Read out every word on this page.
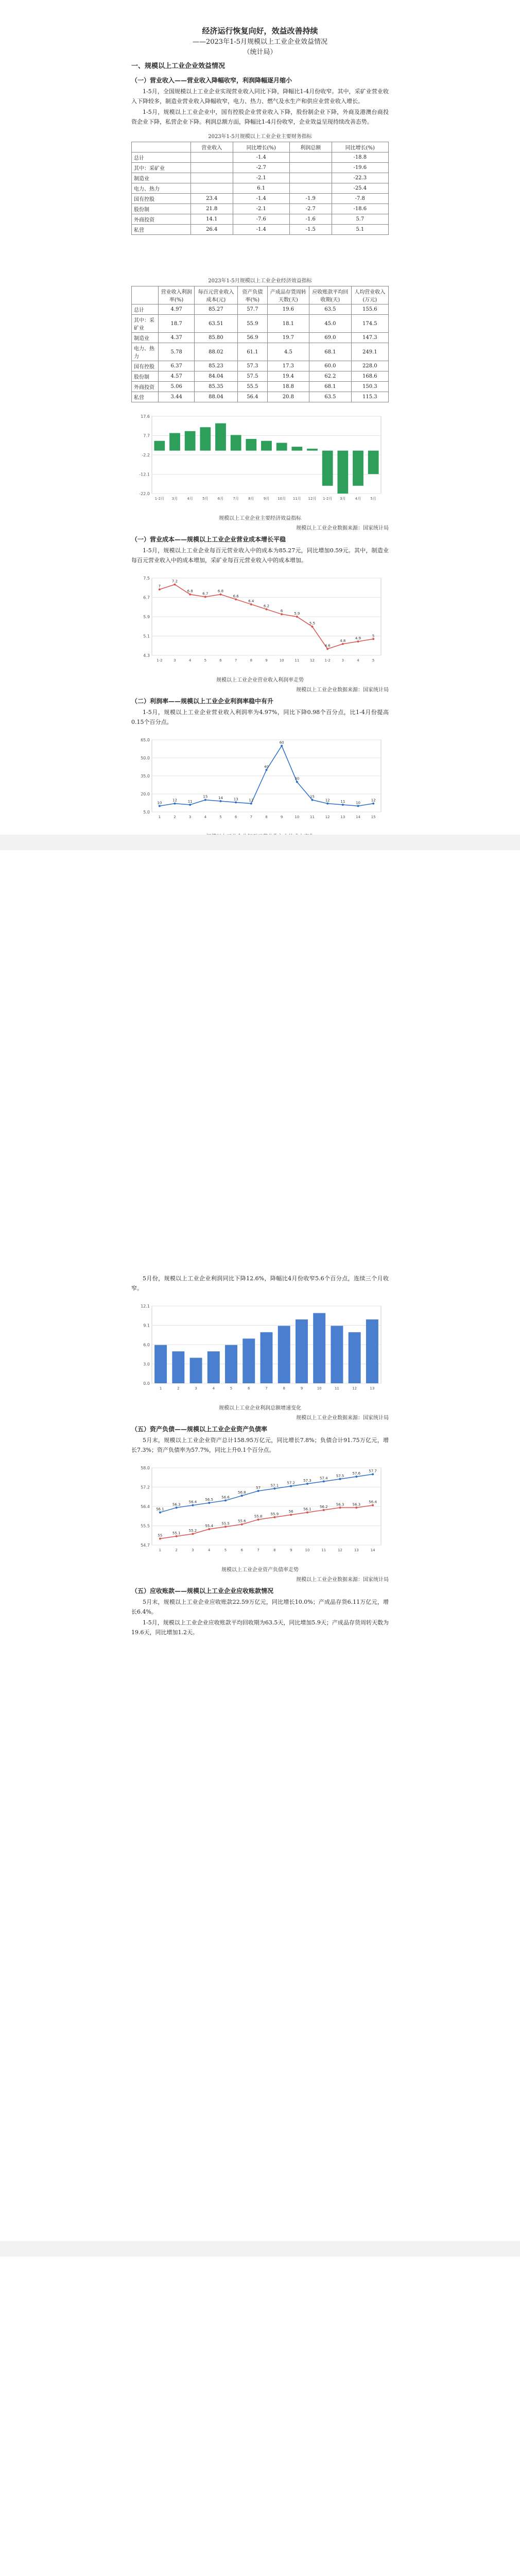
经济运行恢复向好，效益改善持续

——2023年1-5月规模以上工业企业效益情况

（统计局）

一、规模以上工业企业效益情况
（一）营业收入——营业收入降幅收窄，利润降幅逐月缩小

1-5月，全国规模以上工业企业实现营业收入同比下降，降幅比1-4月份收窄。其中，采矿业营业收入下降较多，制造业营业收入降幅收窄，电力、热力、燃气及水生产和供应业营业收入增长。

1-5月，规模以上工业企业中，国有控股企业营业收入下降，股份制企业下降，外商及港澳台商投资企业下降，私营企业下降。利润总额方面，降幅比1-4月份收窄，企业效益呈现持续改善态势。

2023年1-5月规模以上工业企业主要财务指标
	营业收入	同比增长(%)	利润总额	同比增长(%)
总计		-1.4		-18.8
其中：采矿业		-2.7		-19.6
制造业		-2.1		-22.3
电力、热力		6.1		-25.4
国有控股	23.4	-1.4	-1.9	-7.8
股份制	21.8	-2.1	-2.7	-18.6
外商投资	14.1	-7.6	-1.6	5.7
私营	26.4	-1.4	-1.5	5.1
2023年1-5月规模以上工业企业经济效益指标
	营业收入利润率(%)	每百元营业收入成本(元)	资产负债率(%)	产成品存货周转天数(天)	应收账款平均回收期(天)	人均营业收入(万元)
总计	4.97	85.27	57.7	19.6	63.5	155.6
其中：采矿业	18.7	63.51	55.9	18.1	45.0	174.5
制造业	4.37	85.80	56.9	19.7	69.0	147.3
电力、热力	5.78	88.02	61.1	4.5	68.1	249.1
国有控股	6.37	85.23	57.3	17.3	60.0	228.0
股份制	4.57	84.04	57.5	19.4	62.2	168.6
外商投资	5.06	85.35	55.5	18.8	68.1	150.3
私营	3.44	88.04	56.4	20.8	63.5	115.3
-22.0
-12.1
-2.2
7.7
17.6
1-2月 3月	4月	5月	6月	7月	8月	9月 10月 11月 12月 1-2月 3月	4月	5月
规模以上工业企业主要经济效益指标
规模以上工业企业数据来源：国家统计局
（一）营业成本——规模以上工业企业营业成本增长平稳

1-5月，规模以上工业企业每百元营业收入中的成本为85.27元，同比增加0.59元。其中，制造业每百元营业收入中的成本增加，采矿业每百元营业收入中的成本增加。

4.3
5.1
5.9
6.7
7.5
1-2	3	4	5	6	7	8	9	10	11	12	1-2	3	4	5
7
7.2
6.8
6.7
6.8
6.6
6.4
6.2
6
5.9
5.5
4.6
4.8
4.9
5
规模以上工业企业营业收入利润率走势
规模以上工业企业数据来源：国家统计局
（二）利润率——规模以上工业企业利润率稳中有升

1-5月，规模以上工业企业营业收入利润率为4.97%，同比下降0.98个百分点，比1-4月份提高0.15个百分点。

5.0
20.0
35.0
50.0
65.0
1	2	3	4	5	6	7	8	9	10	11	12	13	14	15
10
12	11
15	14	13	12
40
60
30
15
12	11	10
12

5月份，规模以上工业企业利润同比下降12.6%，降幅比4月份收窄5.6个百分点，连续三个月收窄。

0.0
3.0
6.0
9.1
12.1
1	2	3	4	5	6	7	8	9	10	11	12	13
规模以上工业企业利润总额增速变化
规模以上工业企业数据来源：国家统计局
（五）资产负债——规模以上工业企业资产负债率

5月末，规模以上工业企业资产总计158.95万亿元，同比增长7.8%；负债合计91.75万亿元，增长7.3%；资产负债率为57.7%，同比上升0.1个百分点。

54.7
55.5
56.4
57.2
58.0
1	2	3	4	5	6	7	8	9	10	11	12	13	14
56.1
56.3
56.4
56.5
56.6
56.8
57
57.1
57.2
57.3
57.4
57.5
57.6
57.7
55
55.1
55.2
55.4
55.5
55.6
55.8
55.9
56
56.1
56.2
56.3 56.3
56.4
规模以上工业企业资产负债率走势
规模以上工业企业数据来源：国家统计局
（五）应收账款——规模以上工业企业应收账款情况

5月末，规模以上工业企业应收账款22.59万亿元，同比增长10.0%；产成品存货6.11万亿元，增长6.4%。

1-5月，规模以上工业企业应收账款平均回收期为63.5天，同比增加5.9天；产成品存货周转天数为19.6天，同比增加1.2天。
